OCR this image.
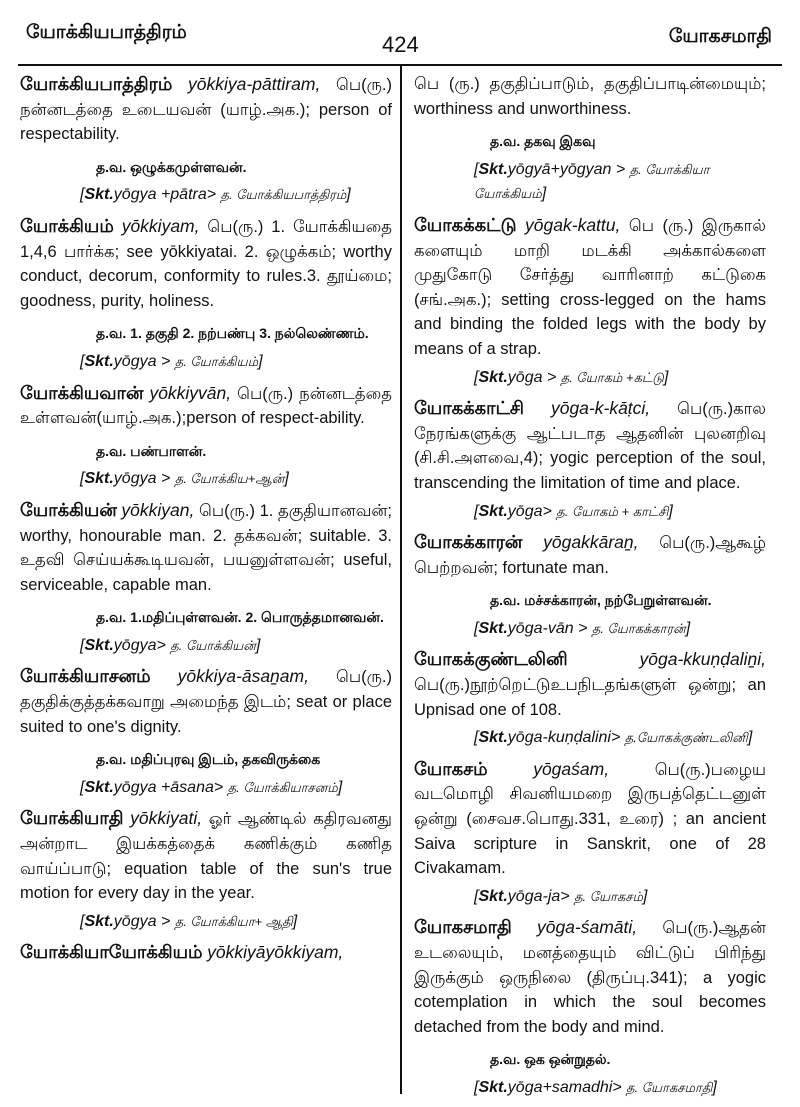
யோக்கியபாத்திரம்	424	யோகசமாதி

யோக்கியபாத்திரம் yōkkiya-pāttiram, பெ(ரு.) நன்னடத்தை உடையவன் (யாழ்.அக.); person of respectability.

த.வ. ஒழுக்கமுள்ளவன்.
[Skt.yōgya +pātra> த. யோக்கியபாத்திரம்]

யோக்கியம் yōkkiyam, பெ(ரு.) 1. யோக்கியதை 1,4,6 பார்க்க; see yōkkiyatai. 2. ஒழுக்கம்; worthy conduct, decorum, conformity to rules.3. தூய்மை; goodness, purity, holiness.

த.வ. 1. தகுதி 2. நற்பண்பு 3. நல்லெண்ணம்.
[Skt.yōgya > த. யோக்கியம்]

யோக்கியவான் yōkkiyvān, பெ(ரு.) நன்னடத்தை உள்ளவன்(யாழ்.அக.);person of respect-ability.

த.வ. பண்பாளன்.
[Skt.yōgya > த. யோக்கிய+ஆன்]

யோக்கியன் yōkkiyan, பெ(ரு.) 1. தகுதியானவன்; worthy, honourable man. 2. தக்கவன்; suitable. 3. உதவி செய்யக்கூடியவன், பயனுள்ளவன்; useful, serviceable, capable man.

த.வ. 1.மதிப்புள்ளவன். 2. பொருத்தமானவன்.
[Skt.yōgya> த. யோக்கியன்]

யோக்கியாசனம் yōkkiya-āsaṉam, பெ(ரு.) தகுதிக்குத்தக்கவாறு அமைந்த இடம்; seat or place suited to one's dignity.

த.வ. மதிப்புரவு இடம், தகவிருக்கை
[Skt.yōgya +āsana> த. யோக்கியாசனம்]

யோக்கியாதி yōkkiyati, ஓர் ஆண்டில் கதிரவனது அன்றாட இயக்கத்தைக் கணிக்கும் கணித வாய்ப்பாடு; equation table of the sun's true motion for every day in the year.

[Skt.yōgya > த. யோக்கியா+ ஆதி]

யோக்கியாயோக்கியம் yōkkiyāyōkkiyam,

பெ (ரு.) தகுதிப்பாடும், தகுதிப்பாடின்மையும்; worthiness and unworthiness.

த.வ. தகவு இகவு
[Skt.yōgyā+yōgyan > த. யோக்கியா யோக்கியம்]

யோகக்கட்டு yōgak-kattu, பெ (ரு.) இருகால் களையும் மாறி மடக்கி அக்கால்களை முதுகோடு சேர்த்து வாரினாற் கட்டுகை (சங்.அக.); setting cross-legged on the hams and binding the folded legs with the body by means of a strap.

[Skt.yōga > த. யோகம் +கட்டு]

யோகக்காட்சி yōga-k-kāṭci, பெ(ரு.)கால நேரங்களுக்கு ஆட்படாத ஆதனின் புலனறிவு (சி.சி.அளவை,4); yogic perception of the soul, transcending the limitation of time and place.

[Skt.yōga> த. யோகம் + காட்சி]

யோகக்காரன் yōgakkāraṉ, பெ(ரு.)ஆகூழ் பெற்றவன்; fortunate man.

த.வ. மச்சக்காரன், நற்பேறுள்ளவன்.
[Skt.yōga-vān > த. யோகக்காரன்]

யோகக்குண்டலினி	yōga-kkuṇḍaliṉi, பெ(ரு.)நூற்றெட்டுஉபநிடதங்களுள் ஒன்று; an Upnisad one of 108.

[Skt.yōga-kuṇḍalini> த.யோகக்குண்டலினி]

யோகசம்	yōgaśam,	பெ(ரு.)பழைய வடமொழி சிவனியமறை இருபத்தெட்டனுள் ஒன்று (சைவச.பொது.331, உரை) ; an ancient Saiva scripture in Sanskrit, one of 28 Civakamam.

[Skt.yōga-ja> த. யோகசம்]

யோகசமாதி yōga-śamāti, பெ(ரு.)ஆதன் உடலையும், மனத்தையும் விட்டுப் பிரிந்து இருக்கும் ஒருநிலை (திருப்பு.341); a yogic cotemplation in which the soul becomes detached from the body and mind.

த.வ. ஒக ஒன்றுதல்.
[Skt.yōga+samadhi> த. யோகசமாதி]
